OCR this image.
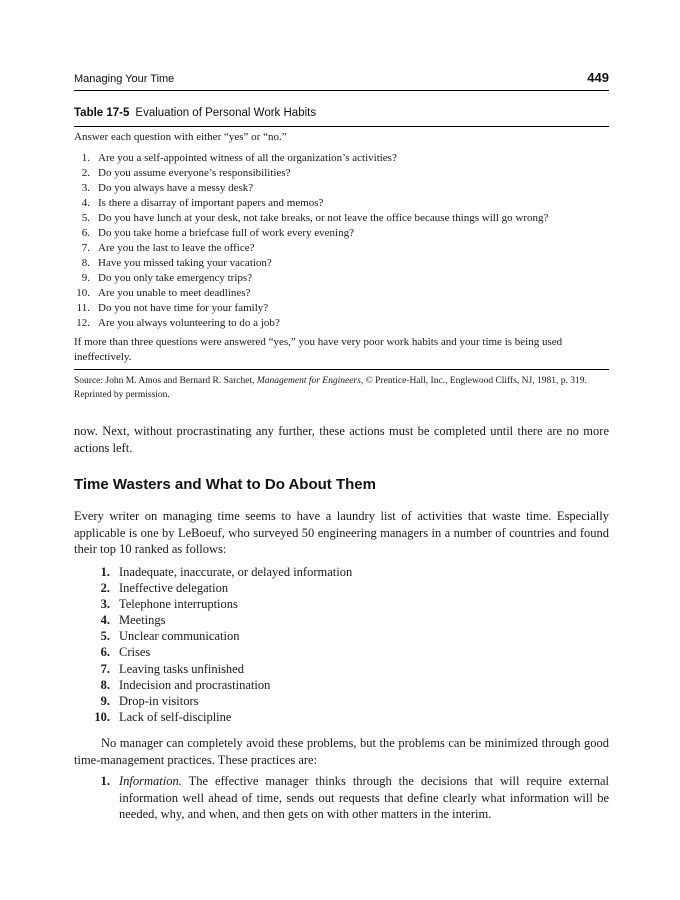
Managing Your Time	449
Table 17-5 Evaluation of Personal Work Habits
Answer each question with either “yes” or “no.”
1. Are you a self-appointed witness of all the organization’s activities?
2. Do you assume everyone’s responsibilities?
3. Do you always have a messy desk?
4. Is there a disarray of important papers and memos?
5. Do you have lunch at your desk, not take breaks, or not leave the office because things will go wrong?
6. Do you take home a briefcase full of work every evening?
7. Are you the last to leave the office?
8. Have you missed taking your vacation?
9. Do you only take emergency trips?
10. Are you unable to meet deadlines?
11. Do you not have time for your family?
12. Are you always volunteering to do a job?
If more than three questions were answered “yes,” you have very poor work habits and your time is being used ineffectively.
Source: John M. Amos and Bernard R. Sarchet, Management for Engineers, © Prentice-Hall, Inc., Englewood Cliffs, NJ, 1981, p. 319. Reprinted by permission.

now. Next, without procrastinating any further, these actions must be completed until there are no more actions left.

Time Wasters and What to Do About Them

Every writer on managing time seems to have a laundry list of activities that waste time. Especially applicable is one by LeBoeuf, who surveyed 50 engineering managers in a number of countries and found their top 10 ranked as follows:

1. Inadequate, inaccurate, or delayed information
2. Ineffective delegation
3. Telephone interruptions
4. Meetings
5. Unclear communication
6. Crises
7. Leaving tasks unfinished
8. Indecision and procrastination
9. Drop-in visitors
10. Lack of self-discipline

No manager can completely avoid these problems, but the problems can be minimized through good time-management practices. These practices are:

1. Information. The effective manager thinks through the decisions that will require external information well ahead of time, sends out requests that define clearly what information will be needed, why, and when, and then gets on with other matters in the interim.
